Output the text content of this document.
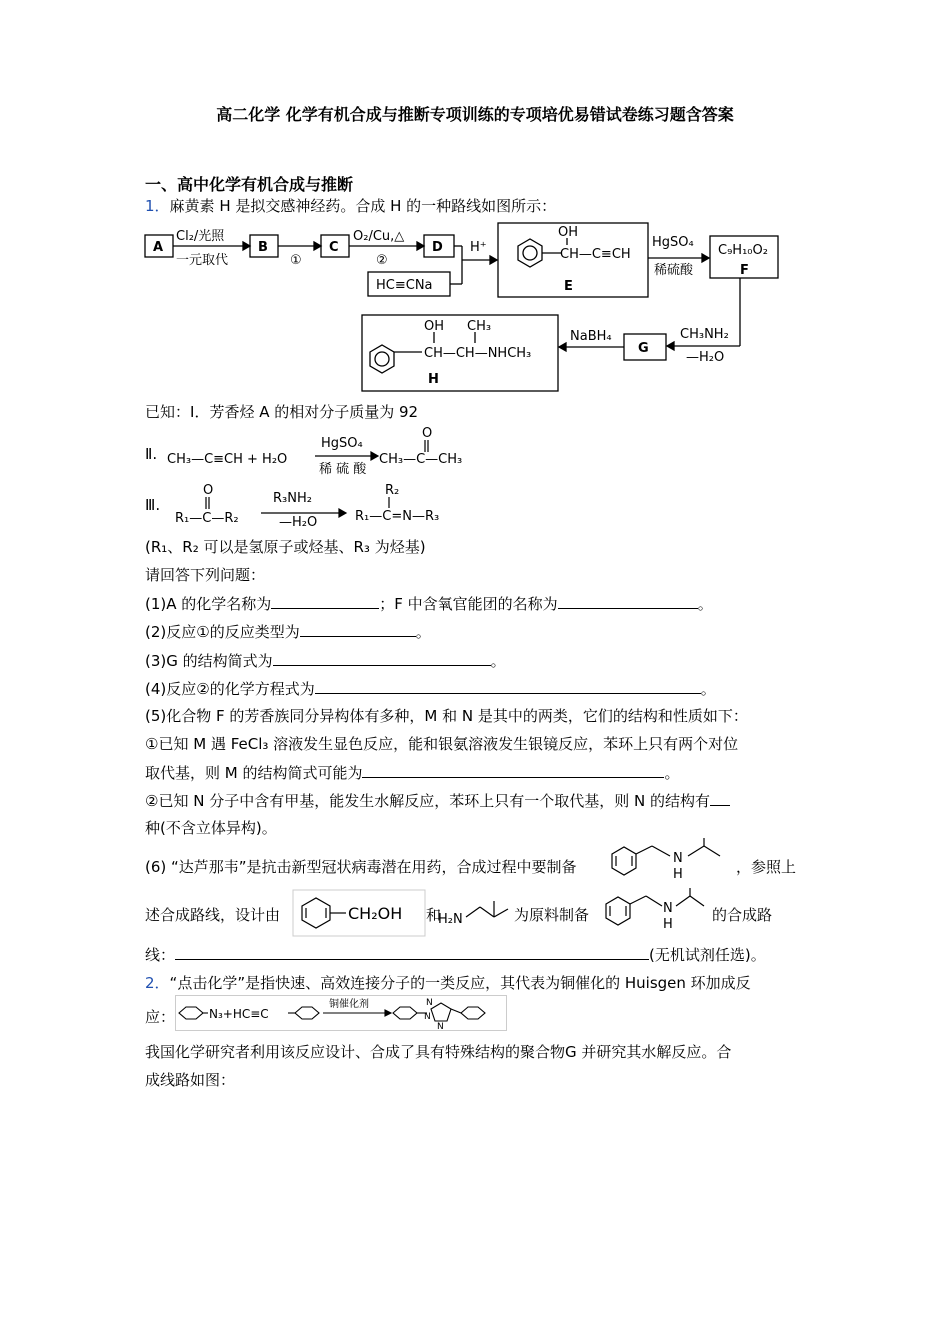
高二化学 化学有机合成与推断专项训练的专项培优易错试卷练习题含答案
一、高中化学有机合成与推断
1．麻黄素 H 是拟交感神经药。合成 H 的一种路线如图所示：
A	B	C	D
Cl₂/光照
一元取代	①
O₂/Cu,△
②
HC≡CNa
H⁺
OH
CH—C≡CH
E
HgSO₄
稀硫酸
C₉H₁₀O₂
F
CH₃NH₂
—H₂O
G
NaBH₄
OH CH₃
CH—CH—NHCH₃
H
已知：Ⅰ．芳香烃 A 的相对分子质量为 92
Ⅱ. CH₃—C≡CH + H₂O
HgSO₄
稀 硫 酸
O
CH₃—C—CH₃
Ⅲ.
O
R₁—C—R₂
R₃NH₂
—H₂O
R₂
R₁—C=N—R₃
(R₁、R₂ 可以是氢原子或烃基、R₃ 为烃基)
请回答下列问题：
(1)A 的化学名称为	；F 中含氧官能团的名称为	。
(2)反应①的反应类型为	。
(3)G 的结构简式为	。
(4)反应②的化学方程式为	。
(5)化合物 F 的芳香族同分异构体有多种，M 和 N 是其中的两类，它们的结构和性质如下：
①已知 M 遇 FeCl₃ 溶液发生显色反应，能和银氨溶液发生银镜反应，苯环上只有两个对位
取代基，则 M 的结构简式可能为	。
②已知 N 分子中含有甲基，能发生水解反应，苯环上只有一个取代基，则 N 的结构有
种(不含立体异构)。
(6) “达芦那韦”是抗击新型冠状病毒潜在用药，合成过程中要制备	N
H	，参照上
述合成路线，设计由	CH₂OH 和
H₂N	为原料制备	N
H
的合成路
线：	(无机试剂任选)。
2．“点击化学”是指快速、高效连接分子的一类反应，其代表为铜催化的 Huisgen 环加成反
应：	N₃+HC≡C
铜催化剂	N
N
N
我国化学研究者利用该反应设计、合成了具有特殊结构的聚合物G 并研究其水解反应。合
成线路如图：
